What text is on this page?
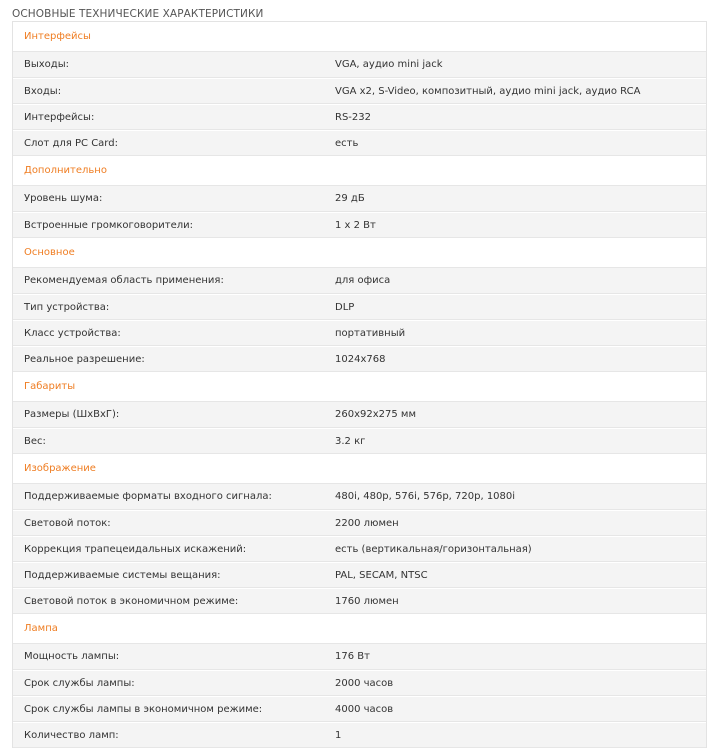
ОСНОВНЫЕ ТЕХНИЧЕСКИЕ ХАРАКТЕРИСТИКИ
Интерфейсы
Выходы:	VGA, аудио mini jack
Входы:	VGA x2, S-Video, композитный, аудио mini jack, аудио RCA
Интерфейсы:	RS-232
Слот для PC Card:	есть
Дополнительно
Уровень шума:	29 дБ
Встроенные громкоговорители:	1 x 2 Вт
Основное
Рекомендуемая область применения:	для офиса
Тип устройства:	DLP
Класс устройства:	портативный
Реальное разрешение:	1024x768
Габариты
Размеры (ШxВxГ):	260x92x275 мм
Вес:	3.2 кг
Изображение
Поддерживаемые форматы входного сигнала:	480i, 480p, 576i, 576p, 720p, 1080i
Световой поток:	2200 люмен
Коррекция трапецеидальных искажений:	есть (вертикальная/горизонтальная)
Поддерживаемые системы вещания:	PAL, SECAM, NTSC
Световой поток в экономичном режиме:	1760 люмен
Лампа
Мощность лампы:	176 Вт
Срок службы лампы:	2000 часов
Срок службы лампы в экономичном режиме:	4000 часов
Количество ламп:	1
